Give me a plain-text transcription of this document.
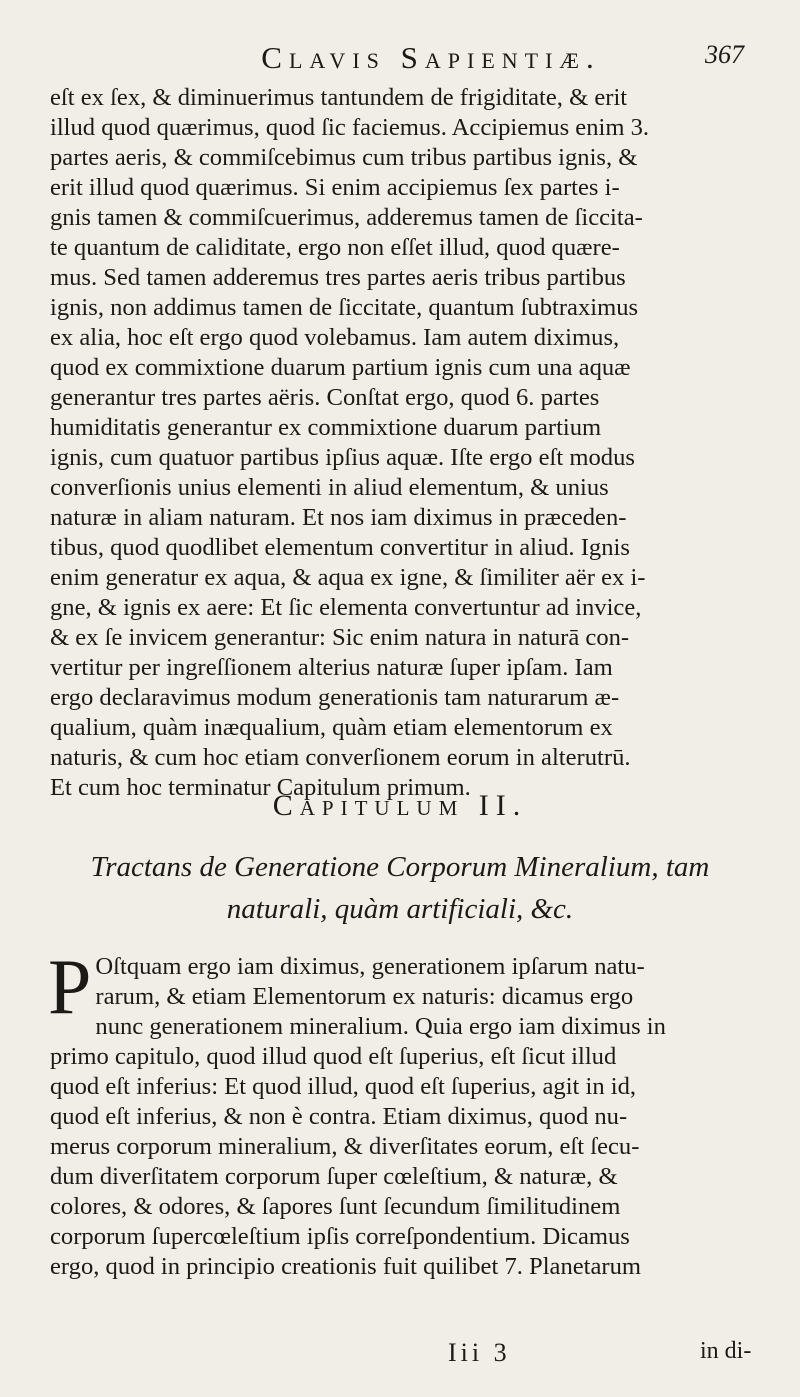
Clavis Sapientiæ.	367
eſt ex ſex, & diminuerimus tantundem de frigiditate, & erit
illud quod quærimus, quod ſic faciemus. Accipiemus enim 3.
partes aeris, & commiſcebimus cum tribus partibus ignis, &
erit illud quod quærimus. Si enim accipiemus ſex partes i-
gnis tamen & commiſcuerimus, adderemus tamen de ſiccita-
te quantum de caliditate, ergo non eſſet illud, quod quære-
mus. Sed tamen adderemus tres partes aeris tribus partibus
ignis, non addimus tamen de ſiccitate, quantum ſubtraximus
ex alia, hoc eſt ergo quod volebamus. Iam autem diximus,
quod ex commixtione duarum partium ignis cum una aquæ
generantur tres partes aëris. Conſtat ergo, quod 6. partes
humiditatis generantur ex commixtione duarum partium
ignis, cum quatuor partibus ipſius aquæ. Iſte ergo eſt modus
converſionis unius elementi in aliud elementum, & unius
naturæ in aliam naturam. Et nos iam diximus in præceden-
tibus, quod quodlibet elementum convertitur in aliud. Ignis
enim generatur ex aqua, & aqua ex igne, & ſimiliter aër ex i-
gne, & ignis ex aere: Et ſic elementa convertuntur ad invice,
& ex ſe invicem generantur: Sic enim natura in naturā con-
vertitur per ingreſſionem alterius naturæ ſuper ipſam. Iam
ergo declaravimus modum generationis tam naturarum æ-
qualium, quàm inæqualium, quàm etiam elementorum ex
naturis, & cum hoc etiam converſionem eorum in alterutrū.
Et cum hoc terminatur Capitulum primum.
Capitulum II.
Tractans de Generatione Corporum Mineralium, tam
naturali, quàm artificiali, &c.
P Oſtquam ergo iam diximus, generationem ipſarum natu-
rarum, & etiam Elementorum ex naturis: dicamus ergo
nunc generationem mineralium. Quia ergo iam diximus in
primo capitulo, quod illud quod eſt ſuperius, eſt ſicut illud
quod eſt inferius: Et quod illud, quod eſt ſuperius, agit in id,
quod eſt inferius, & non è contra. Etiam diximus, quod nu-
merus corporum mineralium, & diverſitates eorum, eſt ſecu-
dum diverſitatem corporum ſuper cœleſtium, & naturæ, &
colores, & odores, & ſapores ſunt ſecundum ſimilitudinem
corporum ſupercœleſtium ipſis correſpondentium. Dicamus
ergo, quod in principio creationis fuit quilibet 7. Planetarum
Iii 3	in di-
